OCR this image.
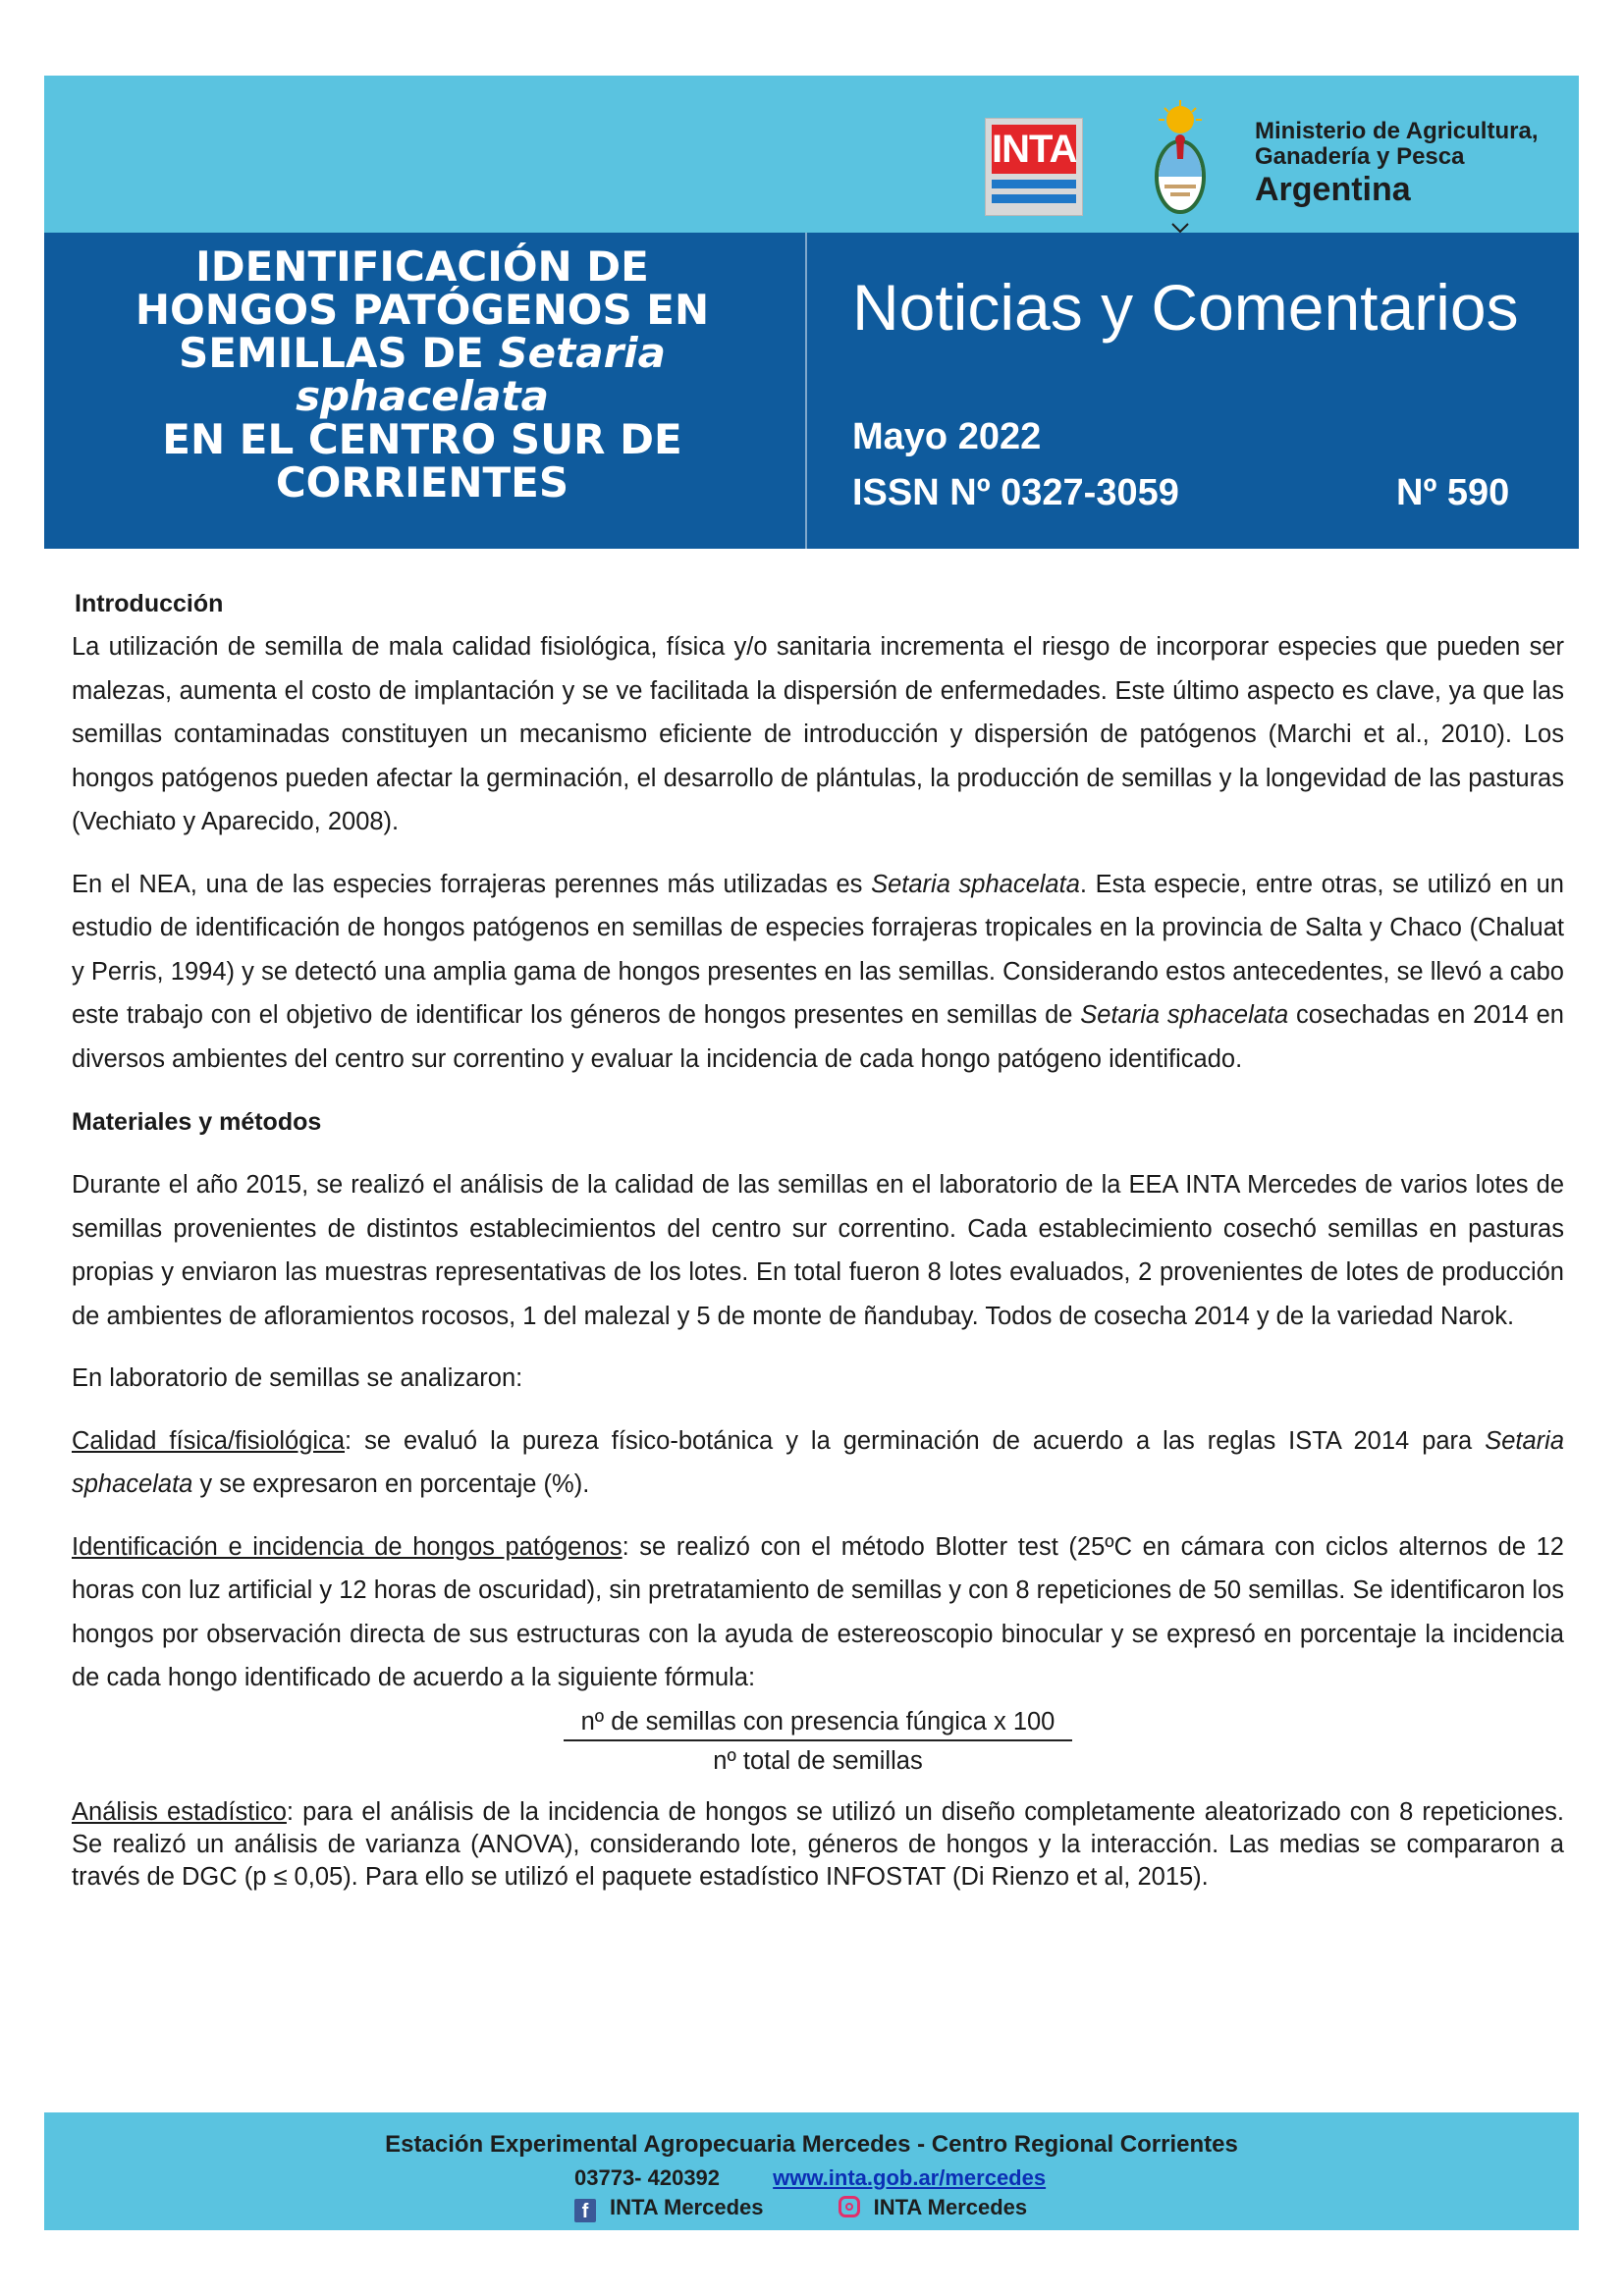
INTA	Ministerio de Agricultura,
Ganadería y Pesca
Argentina
IDENTIFICACIÓN DE
HONGOS PATÓGENOS EN
SEMILLAS DE Setaria
sphacelata
EN EL CENTRO SUR DE
CORRIENTES
Noticias y Comentarios
Mayo 2022
ISSN Nº 0327-3059	Nº 590

Introducción

La utilización de semilla de mala calidad fisiológica, física y/o sanitaria incrementa el riesgo de incorporar especies que pueden ser malezas, aumenta el costo de implantación y se ve facilitada la dispersión de enfermedades. Este último aspecto es clave, ya que las semillas contaminadas constituyen un mecanismo eficiente de introducción y dispersión de patógenos (Marchi et al., 2010). Los hongos patógenos pueden afectar la germinación, el desarrollo de plántulas, la producción de semillas y la longevidad de las pasturas (Vechiato y Aparecido, 2008).

En el NEA, una de las especies forrajeras perennes más utilizadas es Setaria sphacelata. Esta especie, entre otras, se utilizó en un estudio de identificación de hongos patógenos en semillas de especies forrajeras tropicales en la provincia de Salta y Chaco (Chaluat y Perris, 1994) y se detectó una amplia gama de hongos presentes en las semillas. Considerando estos antecedentes, se llevó a cabo este trabajo con el objetivo de identificar los géneros de hongos presentes en semillas de Setaria sphacelata cosechadas en 2014 en diversos ambientes del centro sur correntino y evaluar la incidencia de cada hongo patógeno identificado.

Materiales y métodos

Durante el año 2015, se realizó el análisis de la calidad de las semillas en el laboratorio de la EEA INTA Mercedes de varios lotes de semillas provenientes de distintos establecimientos del centro sur correntino. Cada establecimiento cosechó semillas en pasturas propias y enviaron las muestras representativas de los lotes. En total fueron 8 lotes evaluados, 2 provenientes de lotes de producción de ambientes de afloramientos rocosos, 1 del malezal y 5 de monte de ñandubay. Todos de cosecha 2014 y de la variedad Narok.

En laboratorio de semillas se analizaron:

Calidad física/fisiológica: se evaluó la pureza físico-botánica y la germinación de acuerdo a las reglas ISTA 2014 para Setaria sphacelata y se expresaron en porcentaje (%).

Identificación e incidencia de hongos patógenos: se realizó con el método Blotter test (25ºC en cámara con ciclos alternos de 12 horas con luz artificial y 12 horas de oscuridad), sin pretratamiento de semillas y con 8 repeticiones de 50 semillas. Se identificaron los hongos por observación directa de sus estructuras con la ayuda de estereoscopio binocular y se expresó en porcentaje la incidencia de cada hongo identificado de acuerdo a la siguiente fórmula:

nº de semillas con presencia fúngica x 100
nº total de semillas

Análisis estadístico: para el análisis de la incidencia de hongos se utilizó un diseño completamente aleatorizado con 8 repeticiones. Se realizó un análisis de varianza (ANOVA), considerando lote, géneros de hongos y la interacción. Las medias se compararon a través de DGC (p ≤ 0,05). Para ello se utilizó el paquete estadístico INFOSTAT (Di Rienzo et al, 2015).

Estación Experimental Agropecuaria Mercedes - Centro Regional Corrientes
03773- 420392 www.inta.gob.ar/mercedes
f INTA Mercedes	INTA Mercedes
